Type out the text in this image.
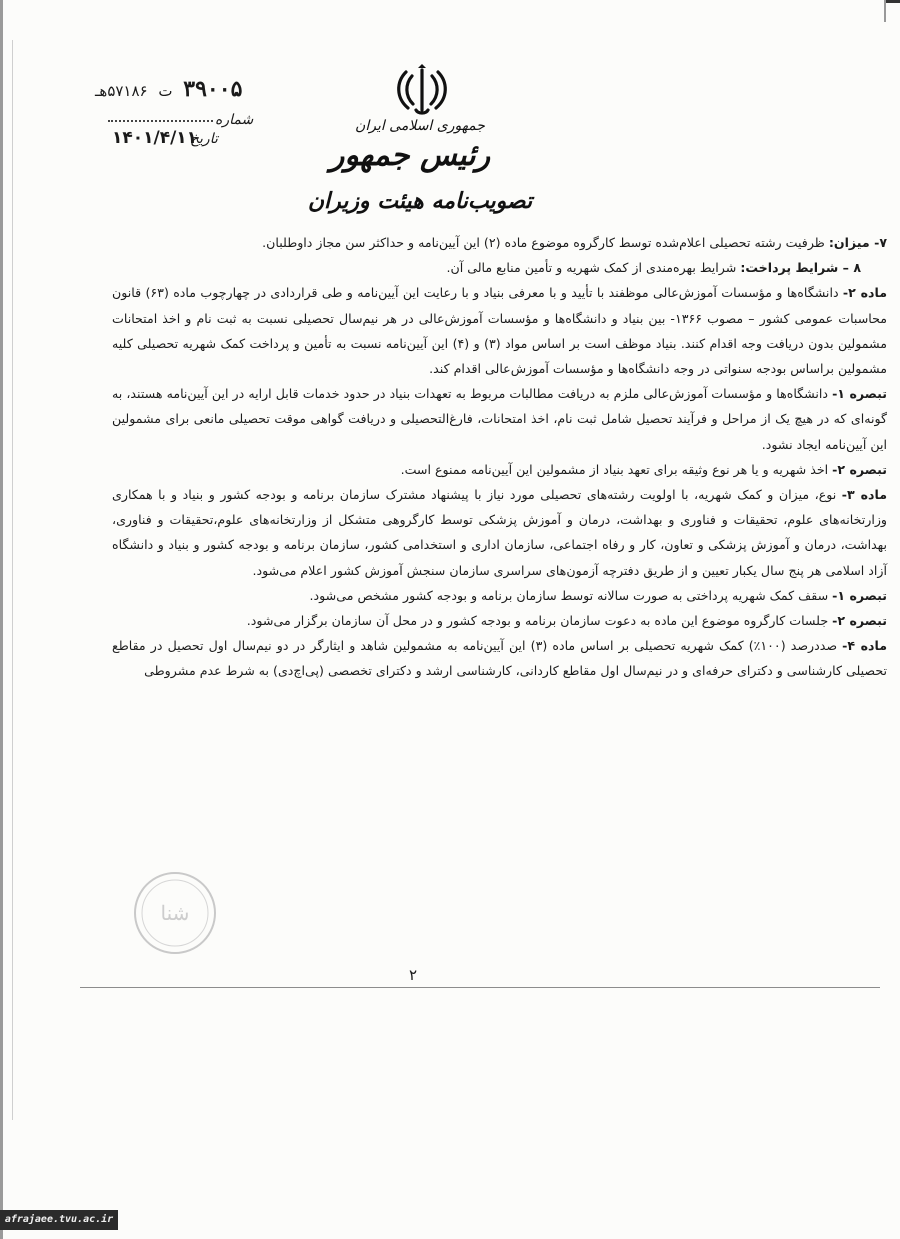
جمهوری اسلامی ایران
رئیس جمهور
تصویب‌نامه هیئت وزیران
۳۹۰۰۵ ت ۵۷۱۸۶هـ
شماره
تاریخ
۱۴۰۱/۴/۱۱

۷- میزان: ظرفیت رشته تحصیلی اعلام‌شده توسط کارگروه موضوع ماده (۲) این آیین‌نامه و حداکثر سن مجاز داوطلبان.

۸ – شرایط پرداخت: شرایط بهره‌مندی از کمک شهریه و تأمین منابع مالی آن.

ماده ۲- دانشگاه‌ها و مؤسسات آموزش‌عالی موظفند با تأیید و با معرفی بنیاد و با رعایت این آیین‌نامه و طی قراردادی در چهارچوب ماده (۶۳) قانون محاسبات عمومی کشور – مصوب ۱۳۶۶- بین بنیاد و دانشگاه‌ها و مؤسسات آموزش‌عالی در هر نیم‌سال تحصیلی نسبت به ثبت نام و اخذ امتحانات مشمولین بدون دریافت وجه اقدام کنند. بنیاد موظف است بر اساس مواد (۳) و (۴) این آیین‌نامه نسبت به تأمین و پرداخت کمک شهریه تحصیلی کلیه مشمولین براساس بودجه سنواتی در وجه دانشگاه‌ها و مؤسسات آموزش‌عالی اقدام کند.

تبصره ۱- دانشگاه‌ها و مؤسسات آموزش‌عالی ملزم به دریافت مطالبات مربوط به تعهدات بنیاد در حدود خدمات قابل ارایه در این آیین‌نامه هستند، به گونه‌ای که در هیچ یک از مراحل و فرآیند تحصیل شامل ثبت نام، اخذ امتحانات، فارغ‌التحصیلی و دریافت گواهی موقت تحصیلی مانعی برای مشمولین این آیین‌نامه ایجاد نشود.

تبصره ۲- اخذ شهریه و یا هر نوع وثیقه برای تعهد بنیاد از مشمولین این آیین‌نامه ممنوع است.

ماده ۳- نوع، میزان و کمک شهریه، با اولویت رشته‌های تحصیلی مورد نیاز با پیشنهاد مشترک سازمان برنامه و بودجه کشور و بنیاد و با همکاری وزارتخانه‌های علوم، تحقیقات و فناوری و بهداشت، درمان و آموزش پزشکی توسط کارگروهی متشکل از وزارتخانه‌های علوم،تحقیقات و فناوری، بهداشت، درمان و آموزش پزشکی و تعاون، کار و رفاه اجتماعی، سازمان اداری و استخدامی کشور، سازمان برنامه و بودجه کشور و بنیاد و دانشگاه آزاد اسلامی هر پنج سال یکبار تعیین و از طریق دفترچه آزمون‌های سراسری سازمان سنجش آموزش کشور اعلام می‌شود.

تبصره ۱- سقف کمک شهریه پرداختی به صورت سالانه توسط سازمان برنامه و بودجه کشور مشخص می‌شود.

تبصره ۲- جلسات کارگروه موضوع این ماده به دعوت سازمان برنامه و بودجه کشور و در محل آن سازمان برگزار می‌شود.

ماده ۴- صددرصد (۱۰۰٪) کمک شهریه تحصیلی بر اساس ماده (۳) این آیین‌نامه به مشمولین شاهد و ایثارگر در دو نیم‌سال اول تحصیل در مقاطع تحصیلی کارشناسی و دکترای حرفه‌ای و در نیم‌سال اول مقاطع کاردانی، کارشناسی ارشد و دکترای تخصصی (پی‌اچ‌دی) به شرط عدم مشروطی

شنا
۲
afrajaee.tvu.ac.ir
